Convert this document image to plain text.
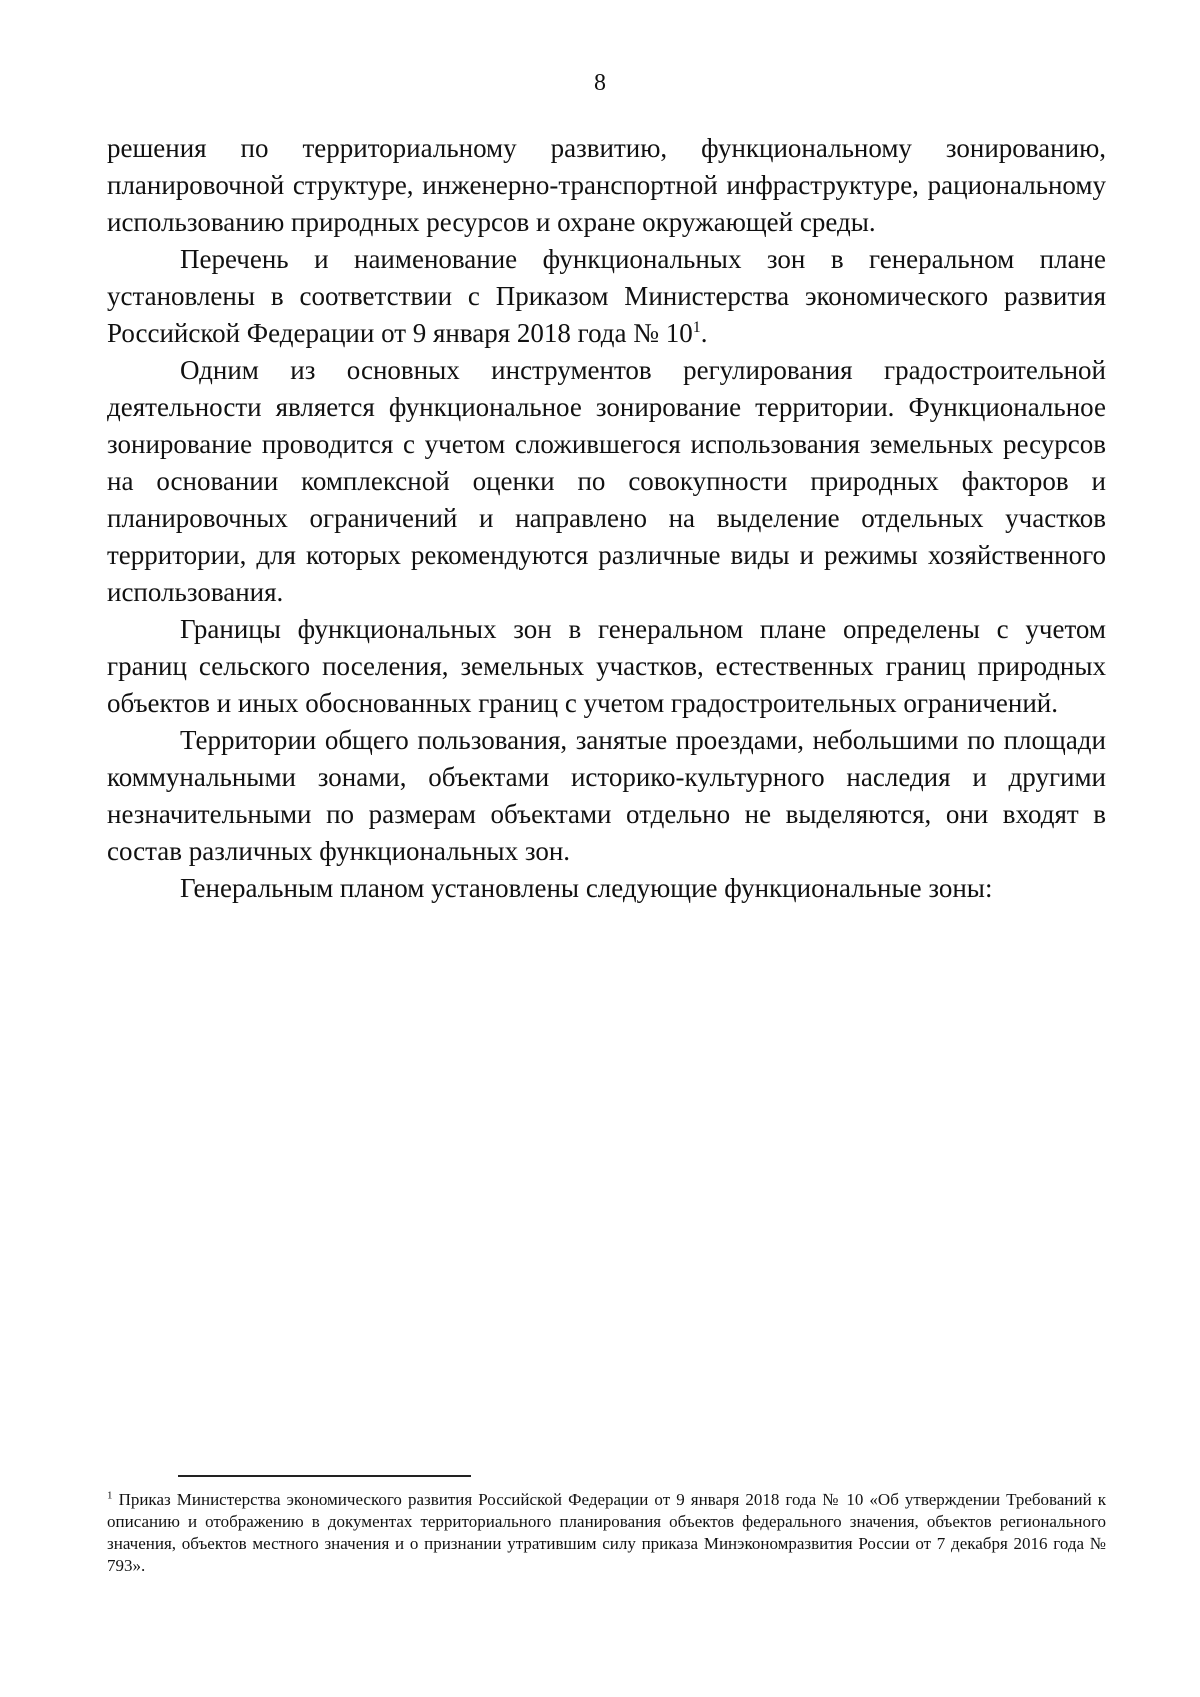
8

решения по территориальному развитию, функциональному зонированию, планировочной структуре, инженерно-транспортной инфраструктуре, рациональному использованию природных ресурсов и охране окружающей среды.

Перечень и наименование функциональных зон в генеральном плане установлены в соответствии с Приказом Министерства экономического развития Российской Федерации от 9 января 2018 года № $10^1$.

Одним из основных инструментов регулирования градостроительной деятельности является функциональное зонирование территории. Функциональное зонирование проводится с учетом сложившегося использования земельных ресурсов на основании комплексной оценки по совокупности природных факторов и планировочных ограничений и направлено на выделение отдельных участков территории, для которых рекомендуются различные виды и режимы хозяйственного использования.

Границы функциональных зон в генеральном плане определены с учетом границ сельского поселения, земельных участков, естественных границ природных объектов и иных обоснованных границ с учетом градостроительных ограничений.

Территории общего пользования, занятые проездами, небольшими по площади коммунальными зонами, объектами историко-культурного наследия и другими незначительными по размерам объектами отдельно не выделяются, они входят в состав различных функциональных зон.

Генеральным планом установлены следующие функциональные зоны:

$^1$ Приказ Министерства экономического развития Российской Федерации от 9 января 2018 года № 10 «Об утверждении Требований к описанию и отображению в документах территориального планирования объектов федерального значения, объектов регионального значения, объектов местного значения и о признании утратившим силу приказа Минэкономразвития России от 7 декабря 2016 года № 793».
